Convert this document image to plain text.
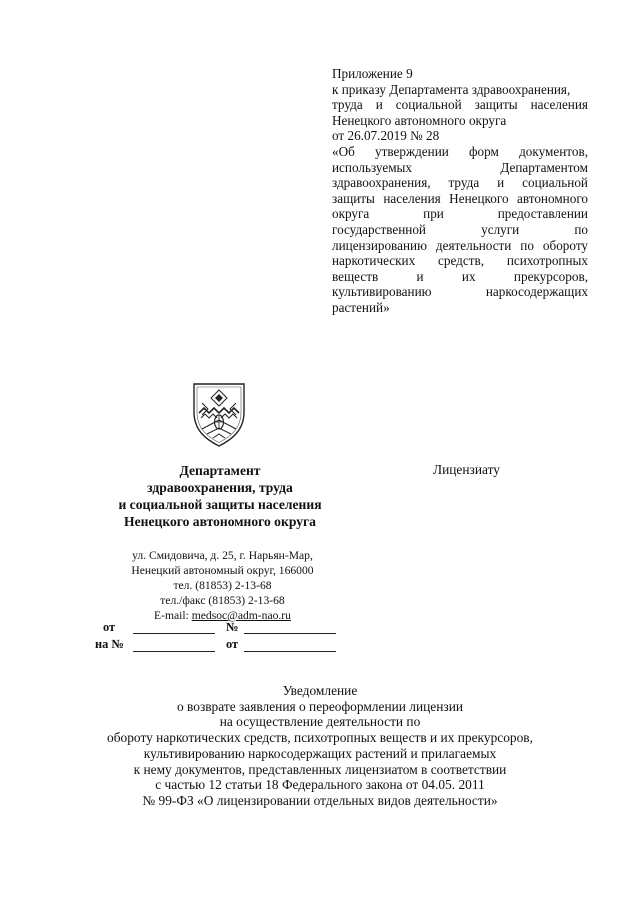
Приложение 9
к приказу Департамента здравоохранения,
труда и социальной защиты населения
Ненецкого автономного округа
от 26.07.2019 № 28
«Об утверждении форм документов,
используемых Департаментом
здравоохранения, труда и социальной
защиты населения Ненецкого автономного
округа при предоставлении
государственной услуги по
лицензированию деятельности по обороту
наркотических средств, психотропных
веществ и их прекурсоров,
культивированию наркосодержащих
растений»
Департамент
здравоохранения, труда
и социальной защиты населения
Ненецкого автономного округа
Лицензиату
ул. Смидовича, д. 25, г. Нарьян-Мар,
Ненецкий автономный округ, 166000
тел. (81853) 2-13-68
тел./факс (81853) 2-13-68
E-mail: medsoc@adm-nao.ru
от	№
на №	от
Уведомление
о возврате заявления о переоформлении лицензии
на осуществление деятельности по
обороту наркотических средств, психотропных веществ и их прекурсоров,
культивированию наркосодержащих растений и прилагаемых
к нему документов, представленных лицензиатом в соответствии
с частью 12 статьи 18 Федерального закона от 04.05. 2011
№ 99-ФЗ «О лицензировании отдельных видов деятельности»
